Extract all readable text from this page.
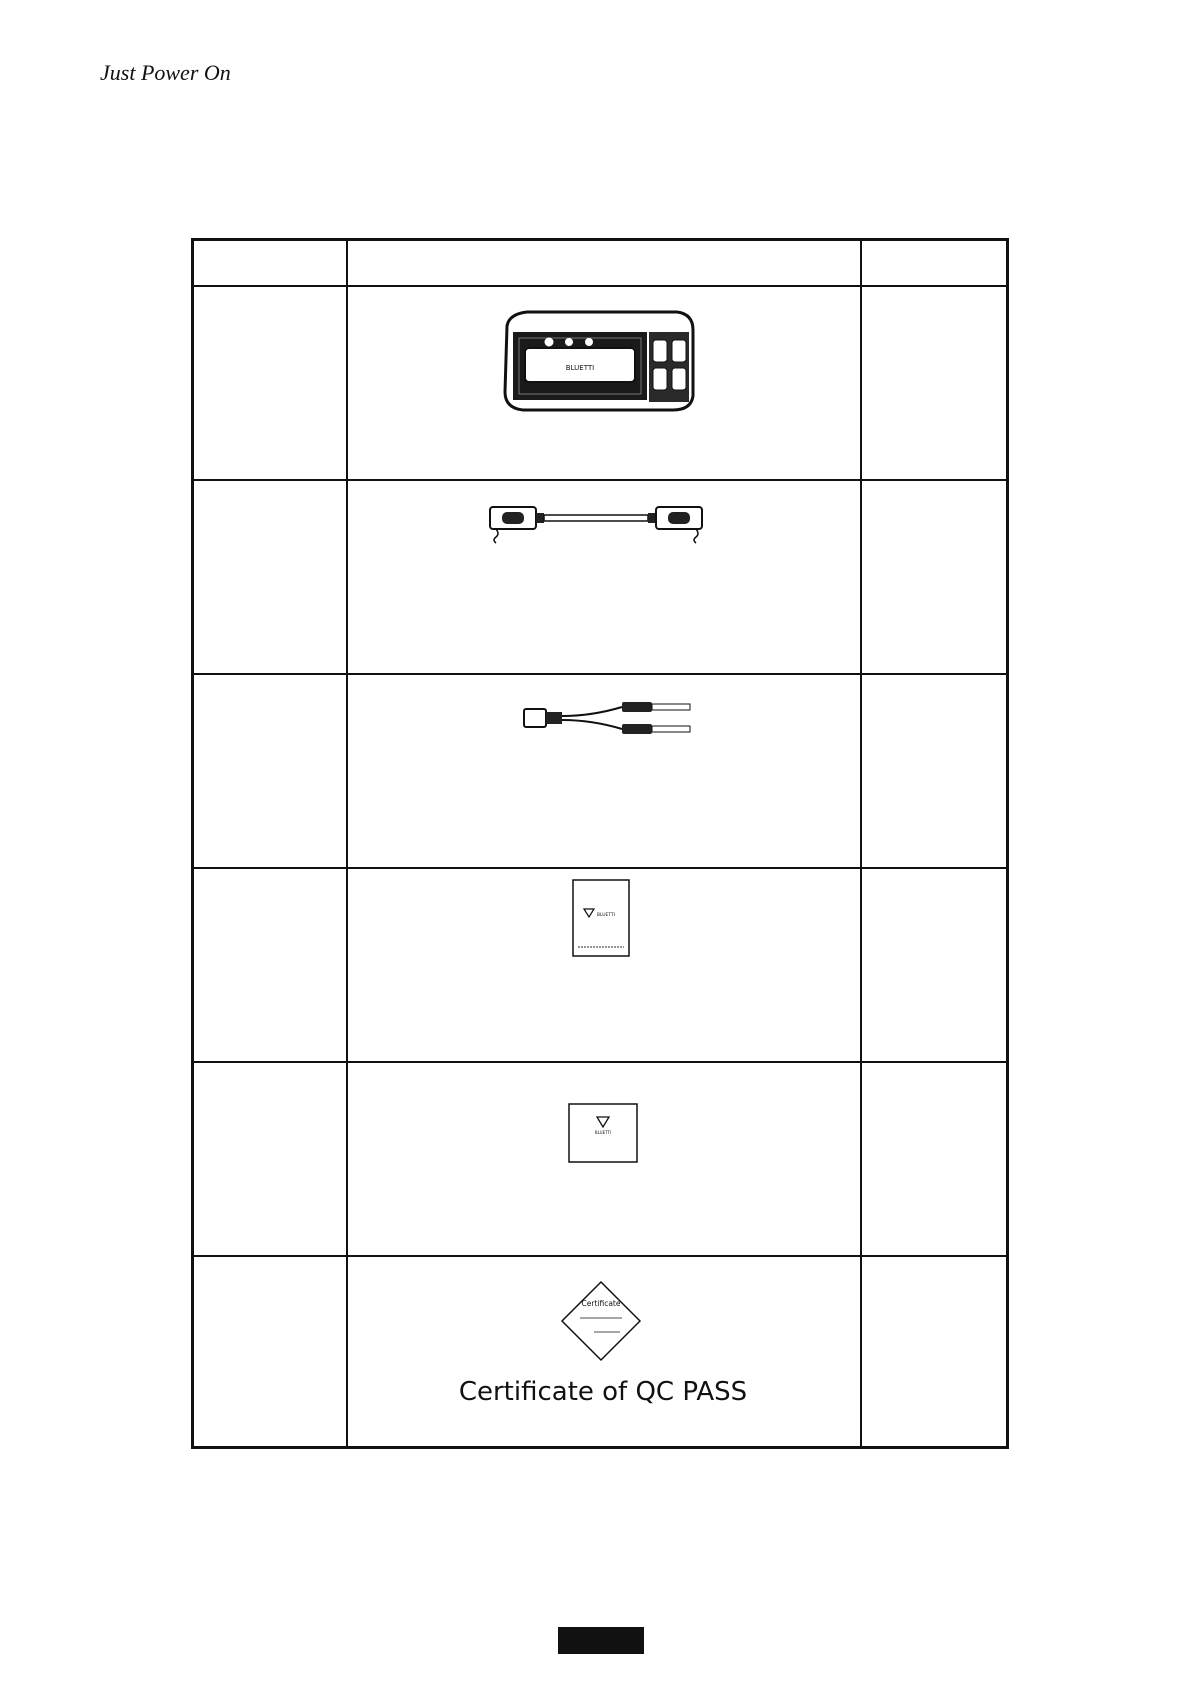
Just Power On
BLUETTI
BLUETTI
BLUETTI
Certificate
Certificate of QC PASS
